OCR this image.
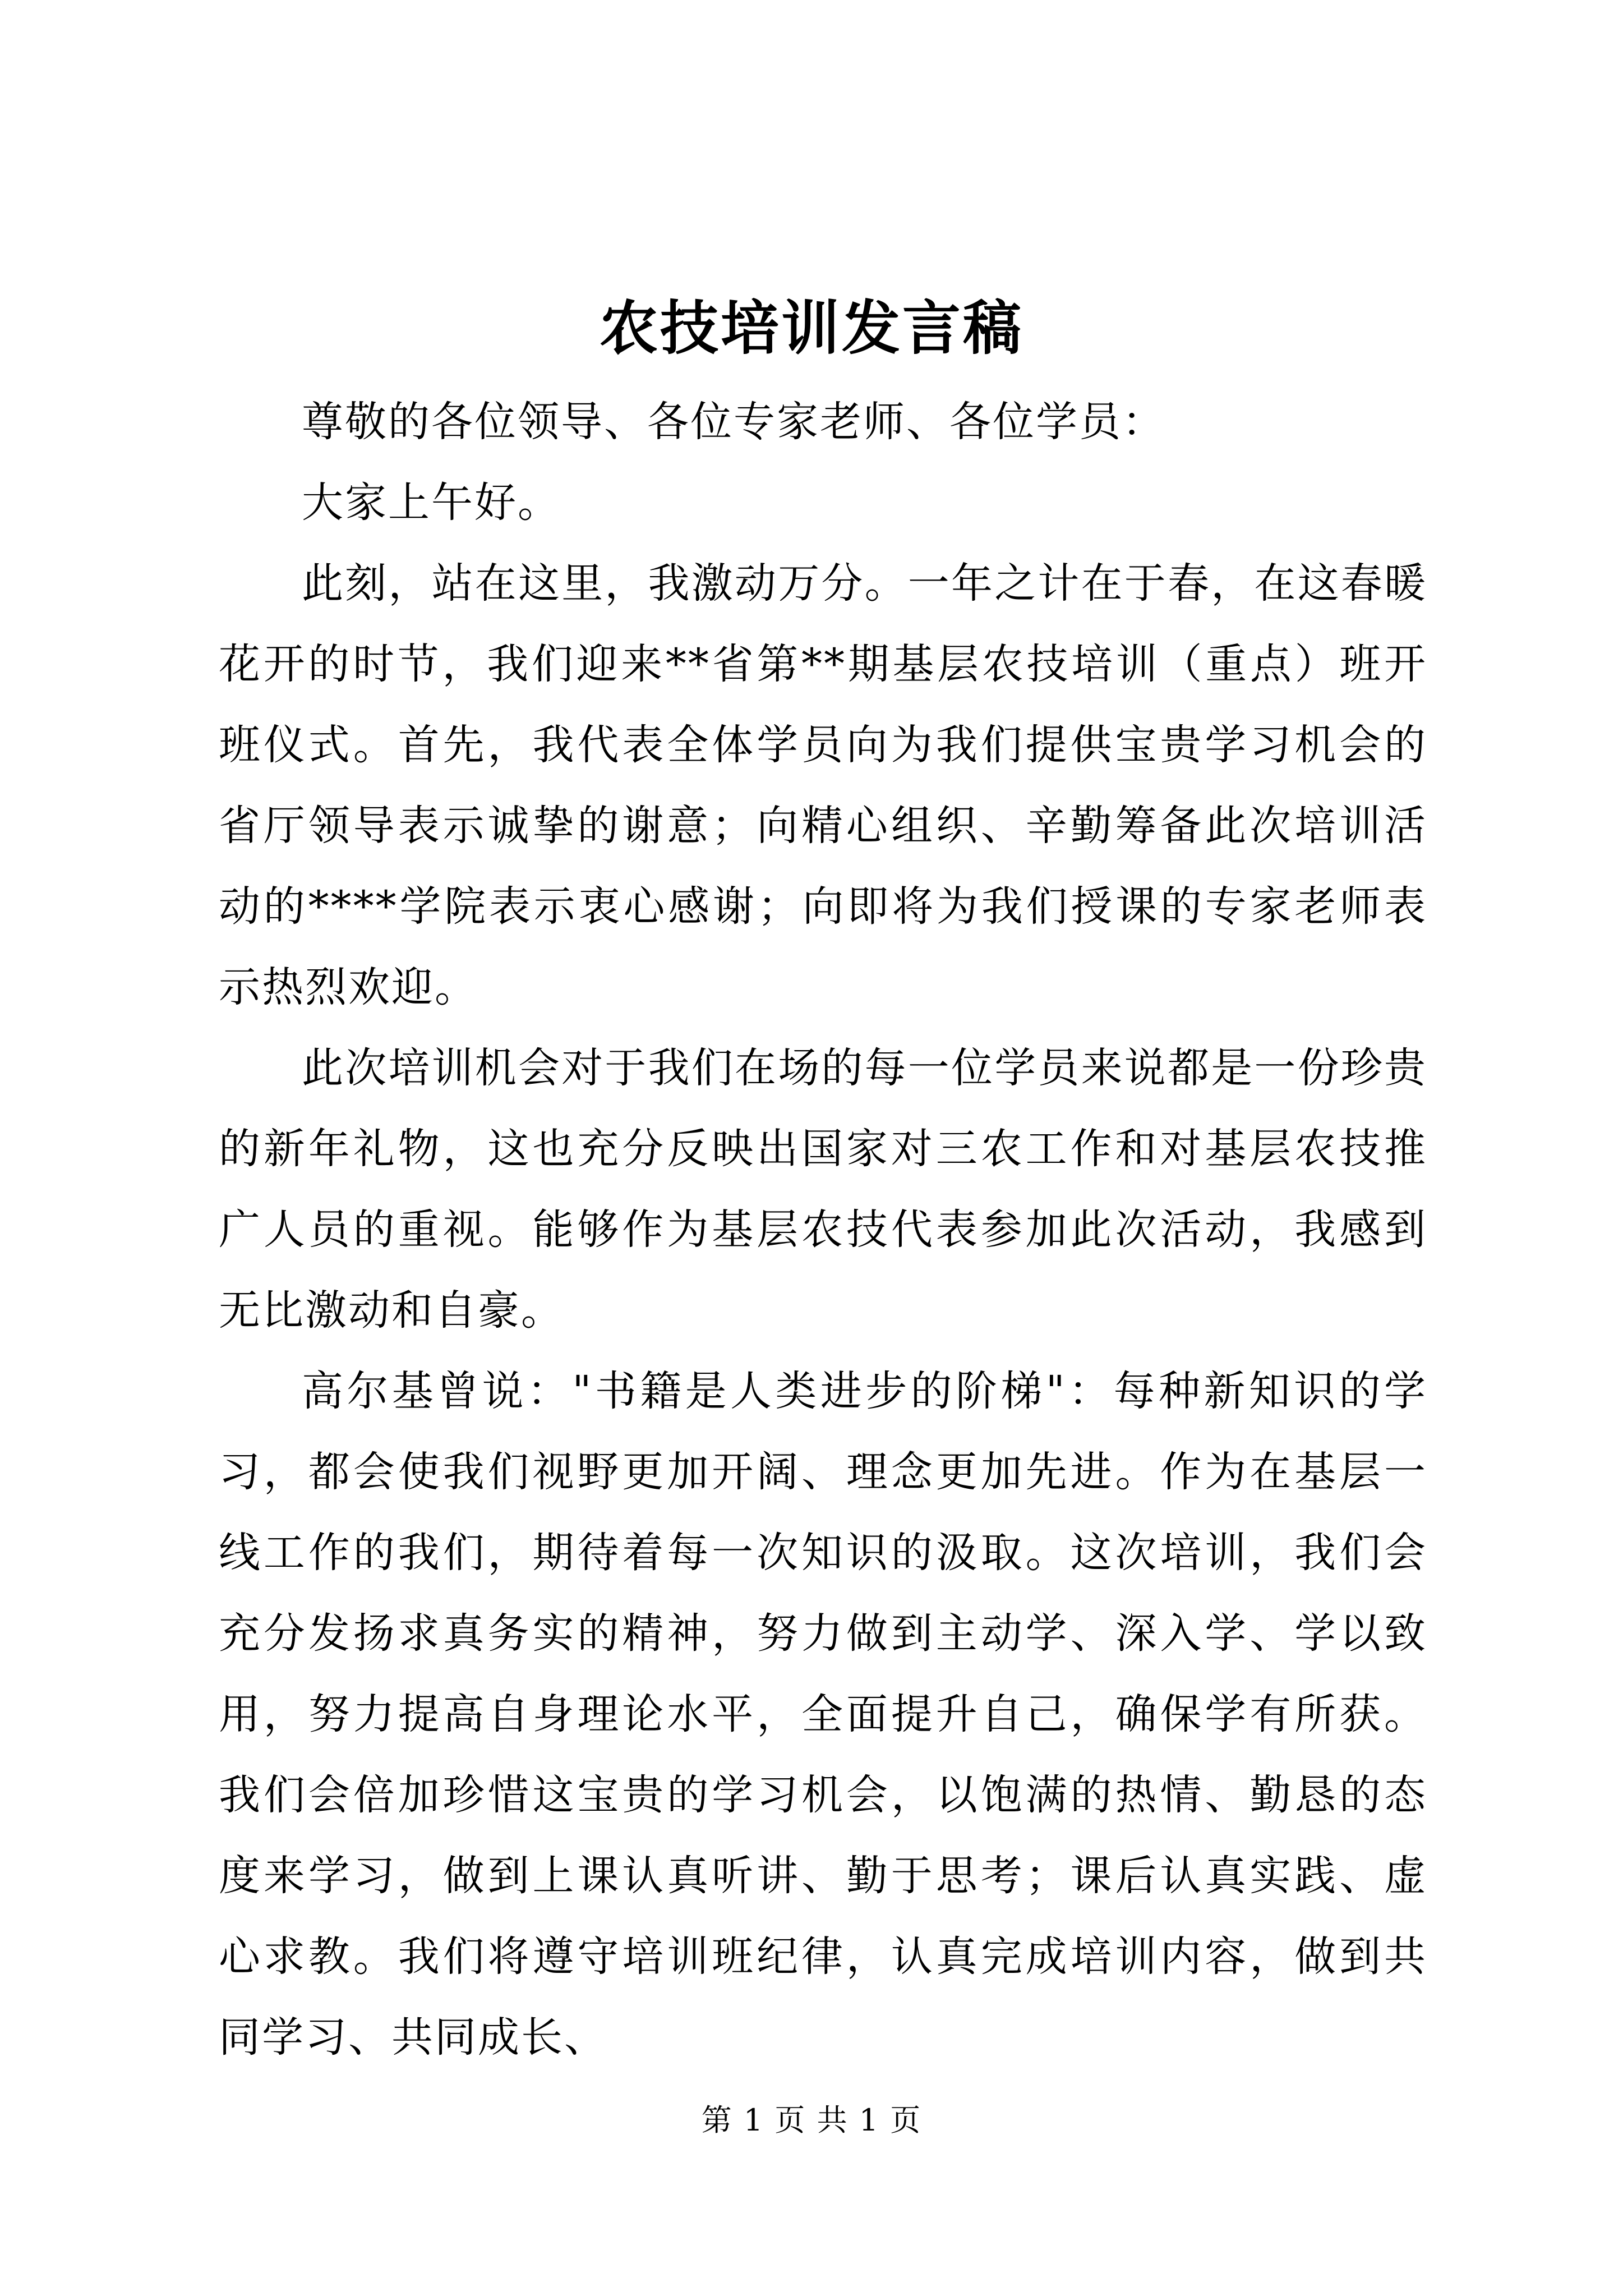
农技培训发言稿

尊敬的各位领导、各位专家老师、各位学员：

大家上午好。

此刻，站在这里，我激动万分。一年之计在于春，在这春暖花开的时节，我们迎来**省第**期基层农技培训（重点）班开班仪式。首先，我代表全体学员向为我们提供宝贵学习机会的省厅领导表示诚挚的谢意；向精心组织、辛勤筹备此次培训活动的****学院表示衷心感谢；向即将为我们授课的专家老师表示热烈欢迎。

此次培训机会对于我们在场的每一位学员来说都是一份珍贵的新年礼物，这也充分反映出国家对三农工作和对基层农技推广人员的重视。能够作为基层农技代表参加此次活动，我感到无比激动和自豪。

高尔基曾说："书籍是人类进步的阶梯"：每种新知识的学习，都会使我们视野更加开阔、理念更加先进。作为在基层一线工作的我们，期待着每一次知识的汲取。这次培训，我们会充分发扬求真务实的精神，努力做到主动学、深入学、学以致用，努力提高自身理论水平，全面提升自己，确保学有所获。我们会倍加珍惜这宝贵的学习机会，以饱满的热情、勤恳的态度来学习，做到上课认真听讲、勤于思考；课后认真实践、虚心求教。我们将遵守培训班纪律，认真完成培训内容，做到共同学习、共同成长、

第 1 页 共 1 页
